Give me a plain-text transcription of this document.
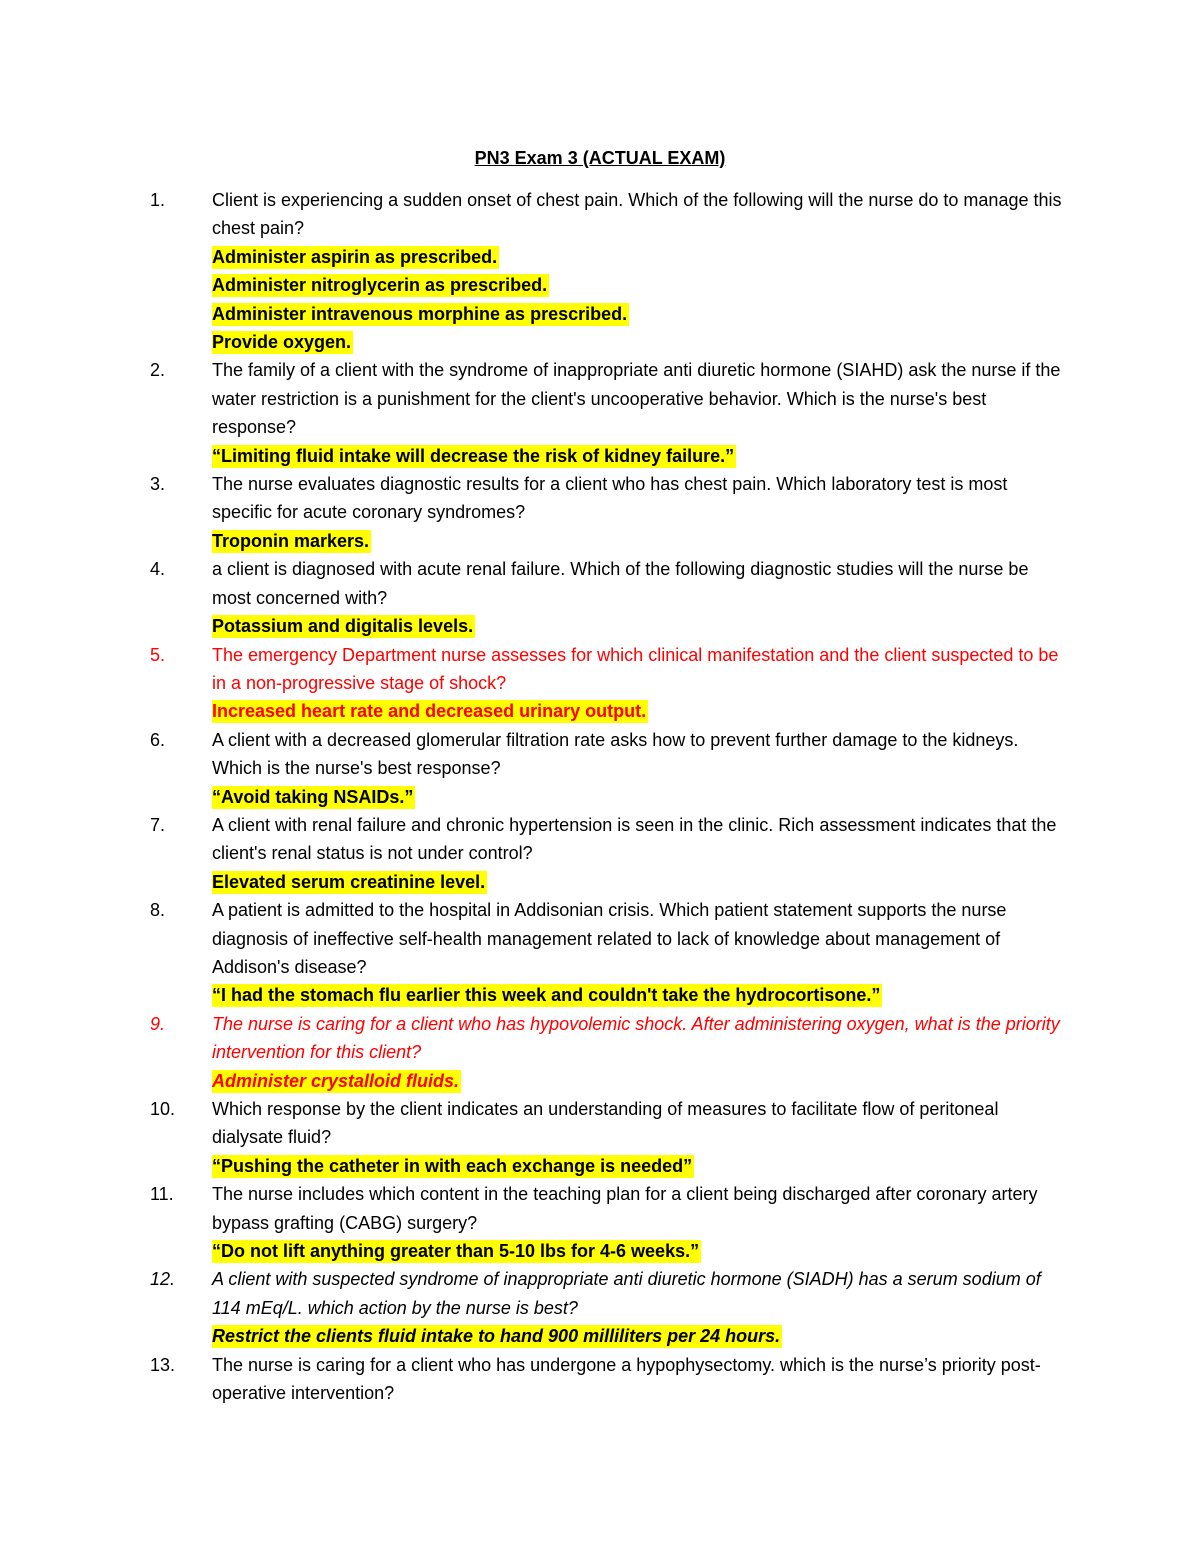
PN3 Exam 3 (ACTUAL EXAM)
1.	Client is experiencing a sudden onset of chest pain. Which of the following will the nurse do to manage this chest pain?
Administer aspirin as prescribed.
Administer nitroglycerin as prescribed.
Administer intravenous morphine as prescribed.
Provide oxygen.
2.	The family of a client with the syndrome of inappropriate anti diuretic hormone (SIAHD) ask the nurse if the water restriction is a punishment for the client's uncooperative behavior. Which is the nurse's best response?
“Limiting fluid intake will decrease the risk of kidney failure.”
3.	The nurse evaluates diagnostic results for a client who has chest pain. Which laboratory test is most specific for acute coronary syndromes?
Troponin markers.
4.	a client is diagnosed with acute renal failure. Which of the following diagnostic studies will the nurse be most concerned with?
Potassium and digitalis levels.
5.	The emergency Department nurse assesses for which clinical manifestation and the client suspected to be in a non-progressive stage of shock?
Increased heart rate and decreased urinary output.
6.	A client with a decreased glomerular filtration rate asks how to prevent further damage to the kidneys. Which is the nurse's best response?
“Avoid taking NSAIDs.”
7.	A client with renal failure and chronic hypertension is seen in the clinic. Rich assessment indicates that the client's renal status is not under control?
Elevated serum creatinine level.
8.	A patient is admitted to the hospital in Addisonian crisis. Which patient statement supports the nurse diagnosis of ineffective self-health management related to lack of knowledge about management of Addison's disease?
“I had the stomach flu earlier this week and couldn't take the hydrocortisone.”
9.	The nurse is caring for a client who has hypovolemic shock. After administering oxygen, what is the priority intervention for this client?
Administer crystalloid fluids.
10.	Which response by the client indicates an understanding of measures to facilitate flow of peritoneal dialysate fluid?
“Pushing the catheter in with each exchange is needed”
11.	The nurse includes which content in the teaching plan for a client being discharged after coronary artery bypass grafting (CABG) surgery?
“Do not lift anything greater than 5-10 lbs for 4-6 weeks.”
12.	A client with suspected syndrome of inappropriate anti diuretic hormone (SIADH) has a serum sodium of 114 mEq/L. which action by the nurse is best?
Restrict the clients fluid intake to hand 900 milliliters per 24 hours.
13.	The nurse is caring for a client who has undergone a hypophysectomy. which is the nurse’s priority post-operative intervention?
